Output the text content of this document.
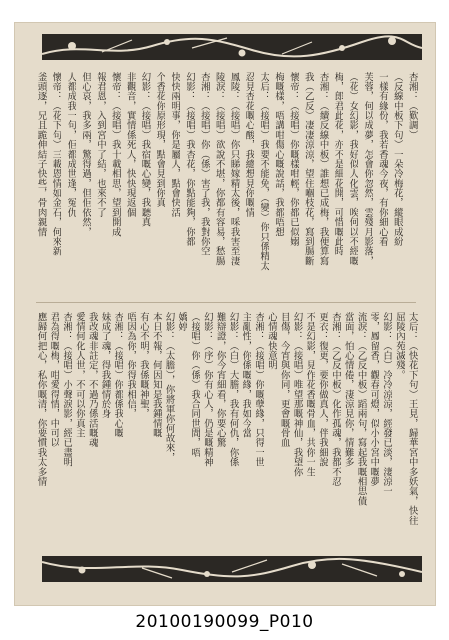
杏湘：（歎調）
（反線中板下句）一朵冷梅花，縱眼成紛
一樣有緣份，我若香魂今夜，有你細心看
芙蓉，何以成夢，怎會你忽然，雲殘月影落，
（花）女幻影，我好似人化雲，唉何以不經嘅
梅，郎君此花，亦不是細花開，可惜嘅此時
杏湘：（續反線中板）誰想已成梅，我便算寫
我（乙反）凄凄涼涼，望住嗰枝花，寫到腸斷
懷帝：（接唱）你嘅樣咁輕，你都已似嫋
梅嘅樣，唔講咁傷心嘅說話，我都唔想
太后：（接唱）我要不能免，（變）你只係精太
忍見杏花嘅心酸，我總想見你嘅情
鳳陵：（接唱）你只睇嫁精太後，啋我害至淒
陵淚：（接唱）欲說不堪，你都有容易，愁腸
杏湘：（接唱）你（係）害了我，我對你空
幻影：（接唱）我杏花，你點能夠，你都
快快兩明事，你是屬人，點會快活
个香花你原形現，點會見到你真
幻影：（接唱）我宿嘅心變，我聽真
非觀音，實情係死人，快快現返個
懷帝：（接唱）我十載相思，望到開成
報君恩，入到宮中了結，也來不了
但心哀，我多兩，驚得過，但佢依然，
人都成我一句，佢都成世逢，冤仇
懷帝：（花下句）三載恩情如金石，何來新
釜頭逐，兄且跪伸結子快些，骨肉親情
太后：（快花下句）王見，歸華宮中多妖氣，快往
屈陵內苑滅殘。
幻影：（白）冷冷涼涼，經發已淡，淒涼一
零，鳳留香，觀春可燈，似小小宮中嘅夢
流淚：（乙反中板）蹈兩句，寫起我嘅相思債
當面，怕心情倦，淒涼見你，情難多
杏湘：（乙反中板）化作孤魂，我都不忍
更衣：復更，要你做真人，伴我細說
不是幻影，見作花香嘅骨血，共你一生
幻影：（接唱）唯望那嘅神仙，我望你
目傷，今宵與你同，更會嘅骨血
心情魂快意明
杏湘：（接唱）你嘅孽緣，只得一世
主亂性，你係嘅緣，我如今當
幻影：（白）大膽，我有何仇，你係
難辯證，你今宵細看，你要心驚
幻影：（序）你有心人，仍是嘅精神
（接唱）你（係）我合同世間，唔
嬌婷
幻影：（太膽），你將軍你何故來，
本日不報，何因知是我鍾情嘅
有心不明，我係嘅神聖，
唔因為你，你得我相信，
杏湘：（接唱）你都係我心嘅
妹成了魂，得我鍾情於身
我改魂非註定，不過乃係活嘅魂
愛情何化人世，不可以你真主
杏湘：（接唱）小聲淚影，經已盡明
君為得嘅梅，咁愛得情，中可以
應歸何把心，私你嘅清，你要慣我太多情
20100190099_P010
